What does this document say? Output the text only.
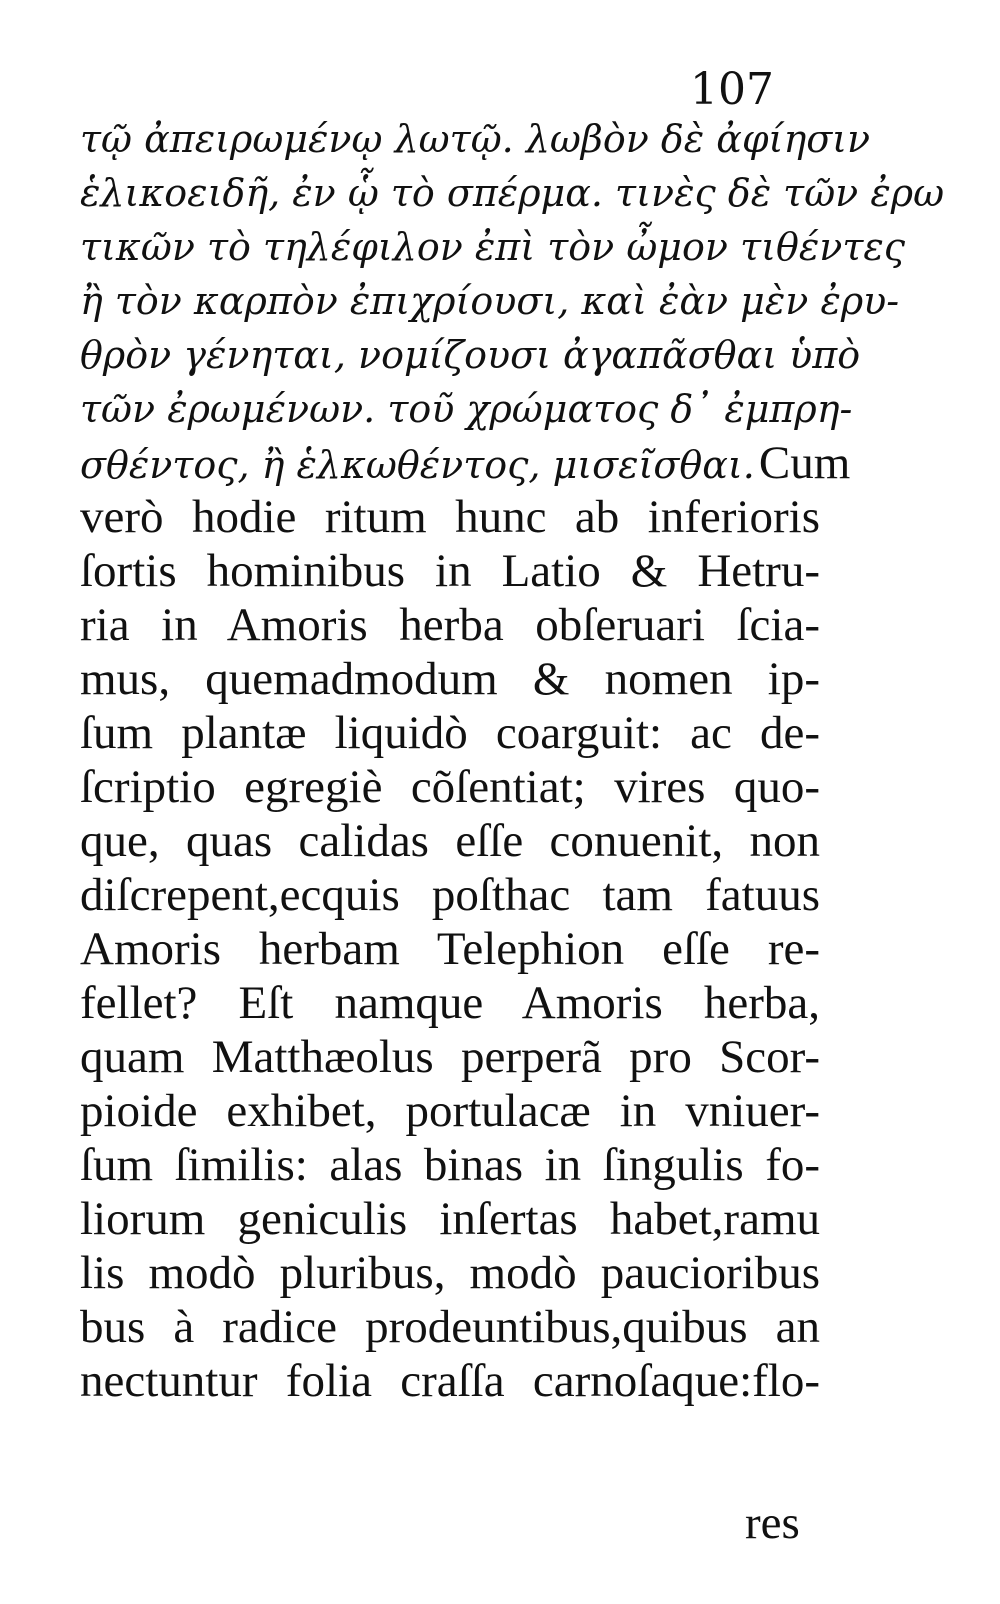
107
τῷ ἀπειρωμένῳ λωτῷ. λωβὸν δὲ ἀφίησιν
ἑλικοειδῆ, ἐν ᾧ τὸ σπέρμα. τινὲς δὲ τῶν ἐρω
τικῶν τὸ τηλέφιλον ἐπὶ τὸν ὦμον τιθέντες
ἢ τὸν καρπὸν ἐπιχρίουσι, καὶ ἐὰν μὲν ἐρυ-
θρὸν γένηται, νομίζουσι ἀγαπᾶσθαι ὑπὸ
τῶν ἐρωμένων. τοῦ χρώματος δ᾽ ἐμπρη-
σθέντος, ἢ ἑλκωθέντος, μισεῖσθαι. Cum
verò hodie ritum hunc ab inferioris
ſortis hominibus in Latio & Hetru-
ria in Amoris herba obſeruari ſcia-
mus, quemadmodum & nomen ip-
ſum plantæ liquidò coarguit: ac de-
ſcriptio egregiè cõſentiat; vires quo-
que, quas calidas eſſe conuenit, non
diſcrepent,ecquis poſthac tam fatuus
Amoris herbam Telephion eſſe re-
fellet? Eſt namque Amoris herba,
quam Matthæolus perperã pro Scor-
pioide exhibet, portulacæ in vniuer-
ſum ſimilis: alas binas in ſingulis fo-
liorum geniculis inſertas habet,ramu
lis modò pluribus, modò paucioribus
bus à radice prodeuntibus,quibus an
nectuntur folia craſſa carnoſaque:flo-
res
